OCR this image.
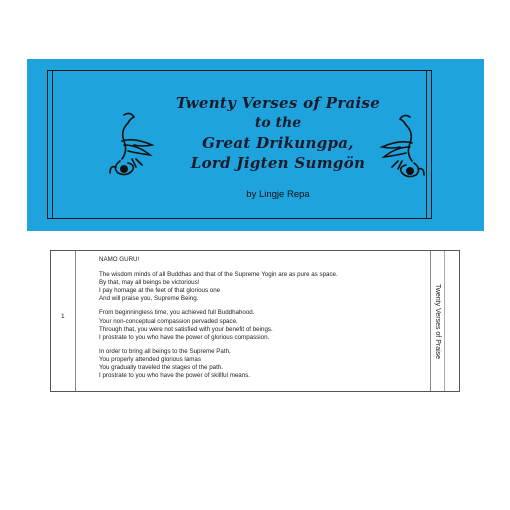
Twenty Verses of Praise
to the
Great Drikungpa,
Lord Jigten Sumgön
by Lingje Repa
1
NAMO GURU!
The wisdom minds of all Buddhas and that of the Supreme Yogin are as pure as space.
By that, may all beings be victorious!
I pay homage at the feet of that glorious one
And will praise you, Supreme Being.
From beginningless time, you achieved full Buddhahood.
Your non-conceptual compassion pervaded space.
Through that, you were not satisfied with your benefit of beings.
I prostrate to you who have the power of glorious compassion.
In order to bring all beings to the Supreme Path,
You properly attended glorious lamas
You gradually traveled the stages of the path.
I prostrate to you who have the power of skillful means.
Twenty Verses of Praise
